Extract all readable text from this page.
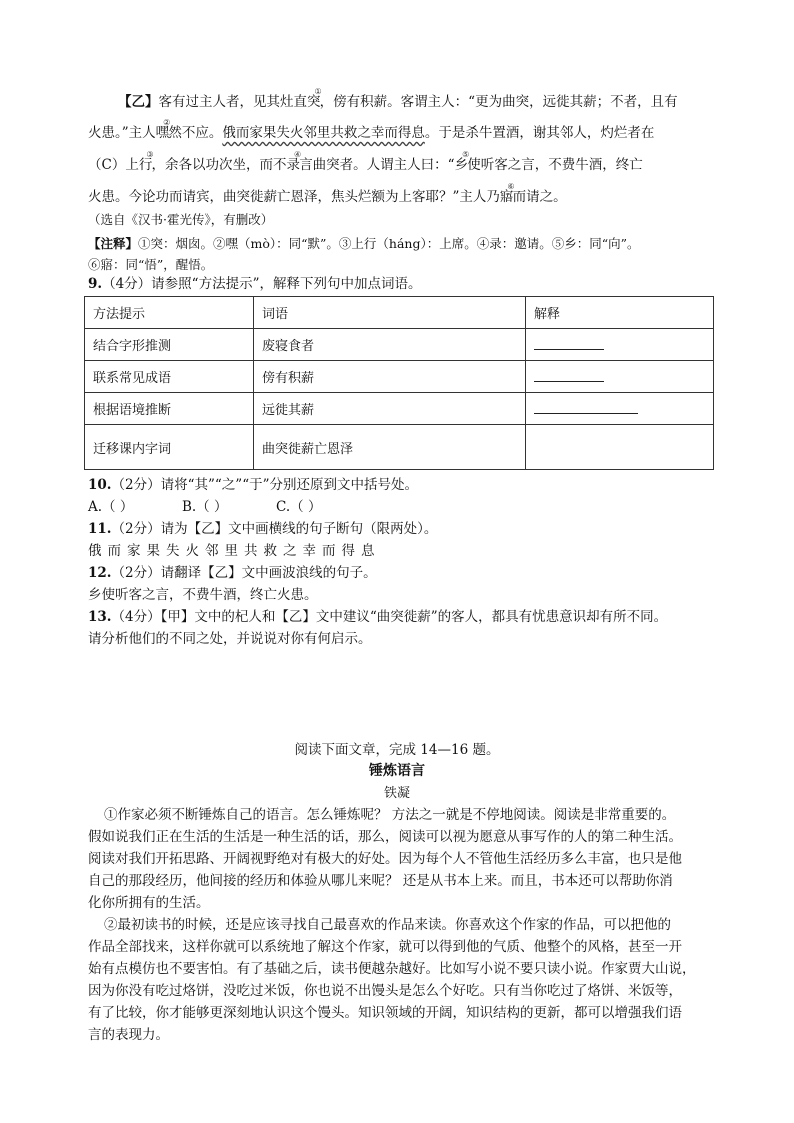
【乙】客有过主人者，见其灶直突①，傍有积薪。客谓主人：“更为曲突，远徙其薪；不者，且有
火患。”主人嘿②然不应。俄而家果失火邻里共救之幸而得息。于是杀牛置酒，谢其邻人，灼烂者在
（C）上行③，余各以功次坐，而不录④言曲突者。人谓主人曰：“乡⑤使听客之言，不费牛酒，终亡
火患。今论功而请宾，曲突徙薪亡恩泽，焦头烂额为上客耶？”主人乃寤⑥而请之。
（选自《汉书·霍光传》，有删改）
【注释】①突：烟囱。②嘿（mò）：同“默”。③上行（háng）：上席。④录：邀请。⑤乡：同“向”。
⑥寤：同“悟”，醒悟。
9.（4分）请参照“方法提示”，解释下列句中加点词语。
方法提示	词语	解释
结合字形推测	废寝食者	
联系常见成语	傍有积薪	
根据语境推断	远徙其薪	
迁移课内字词	曲突徙薪亡恩泽	
10.（2分）请将“其”“之”“于”分别还原到文中括号处。
A.（ ）	B.（ ）	C.（ ）
11.（2分）请为【乙】文中画横线的句子断句（限两处）。
俄而家果失火邻里共救之幸而得息
12.（2分）请翻译【乙】文中画波浪线的句子。
乡使听客之言，不费牛酒，终亡火患。
13.（4分）【甲】文中的杞人和【乙】文中建议“曲突徙薪”的客人，都具有忧患意识却有所不同。
请分析他们的不同之处，并说说对你有何启示。
阅读下面文章，完成 14—16 题。
锤炼语言
铁凝
①作家必须不断锤炼自己的语言。怎么锤炼呢？ 方法之一就是不停地阅读。阅读是非常重要的。
假如说我们正在生活的生活是一种生活的话，那么，阅读可以视为愿意从事写作的人的第二种生活。
阅读对我们开拓思路、开阔视野绝对有极大的好处。因为每个人不管他生活经历多么丰富，也只是他
自己的那段经历，他间接的经历和体验从哪儿来呢？ 还是从书本上来。而且，书本还可以帮助你消
化你所拥有的生活。
②最初读书的时候，还是应该寻找自己最喜欢的作品来读。你喜欢这个作家的作品，可以把他的
作品全部找来，这样你就可以系统地了解这个作家，就可以得到他的气质、他整个的风格，甚至一开
始有点模仿也不要害怕。有了基础之后，读书便越杂越好。比如写小说不要只读小说。作家贾大山说，
因为你没有吃过烙饼，没吃过米饭，你也说不出馒头是怎么个好吃。只有当你吃过了烙饼、米饭等，
有了比较，你才能够更深刻地认识这个馒头。知识领域的开阔，知识结构的更新，都可以增强我们语
言的表现力。
